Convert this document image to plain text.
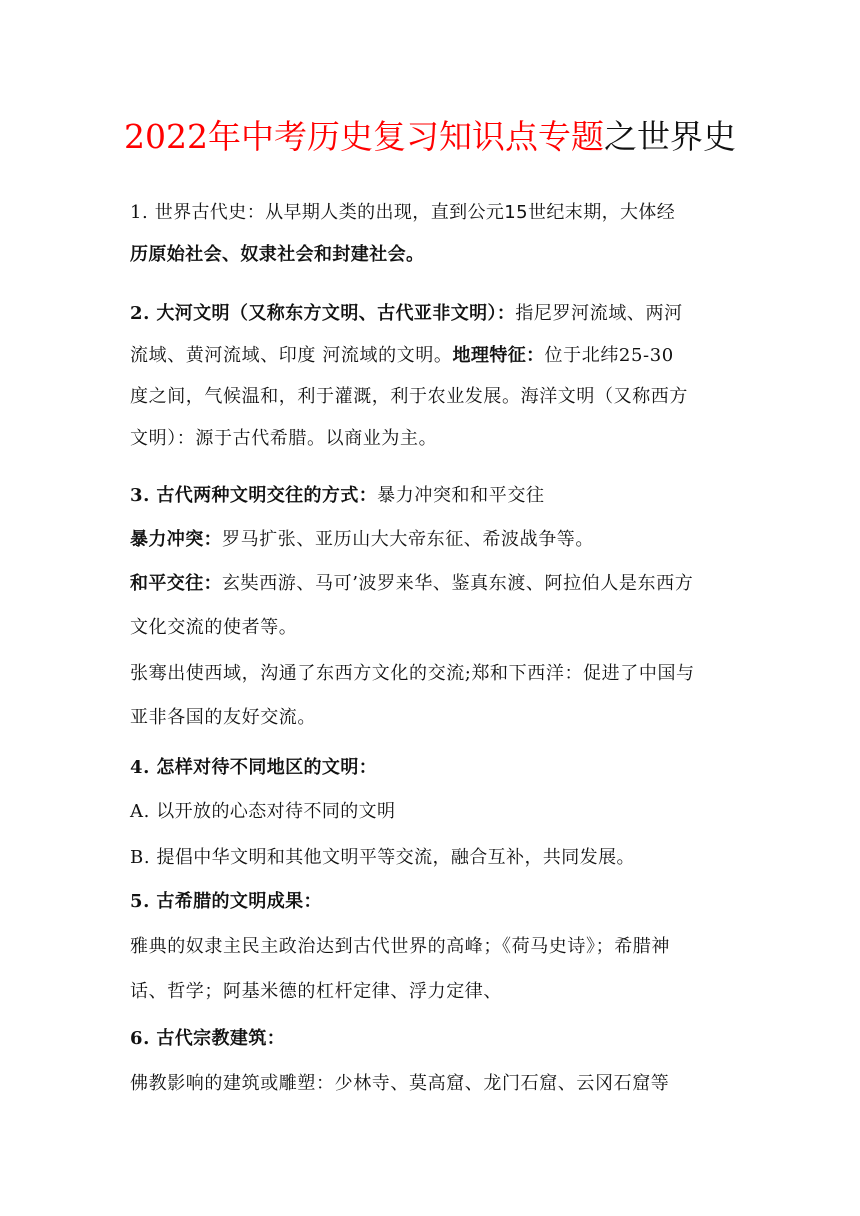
2022年中考历史复习知识点专题之世界史
1. 世界古代史：从早期人类的出现，直到公元15世纪末期，大体经
历原始社会、奴隶社会和封建社会。
2. 大河文明（又称东方文明、古代亚非文明）：指尼罗河流域、两河
流域、黄河流域、印度 河流域的文明。地理特征：位于北纬25-30
度之间，气候温和，利于灌溉，利于农业发展。海洋文明（又称西方
文明）：源于古代希腊。以商业为主。
3. 古代两种文明交往的方式：暴力冲突和和平交往
暴力冲突：罗马扩张、亚历山大大帝东征、希波战争等。
和平交往：玄奘西游、马可’波罗来华、鉴真东渡、阿拉伯人是东西方
文化交流的使者等。
张骞出使西域，沟通了东西方文化的交流;郑和下西洋：促进了中国与
亚非各国的友好交流。
4. 怎样对待不同地区的文明：
A. 以开放的心态对待不同的文明
B. 提倡中华文明和其他文明平等交流，融合互补，共同发展。
5. 古希腊的文明成果：
雅典的奴隶主民主政治达到古代世界的高峰；《荷马史诗》；希腊神
话、哲学；阿基米德的杠杆定律、浮力定律、
6. 古代宗教建筑：
佛教影响的建筑或雕塑：少林寺、莫高窟、龙门石窟、云冈石窟等
